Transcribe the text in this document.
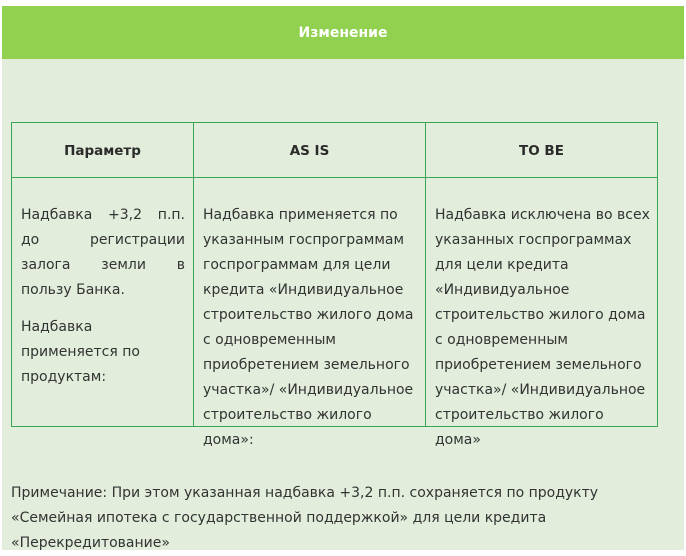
Изменение
Параметр	AS IS	TO BE

Надбавка +3,2 п.п. до регистрации залога земли в пользу Банка.

Надбавка применяется по продуктам:

Надбавка применяется по указанным госпрограммам госпрограммам для цели кредита «Индивидуальное строительство жилого дома с одновременным приобретением земельного участка»/ «Индивидуальное строительство жилого дома»:

Надбавка исключена во всех указанных госпрограммах для цели кредита «Индивидуальное строительство жилого дома с одновременным приобретением земельного участка»/ «Индивидуальное строительство жилого дома»

Примечание: При этом указанная надбавка +3,2 п.п. сохраняется по продукту «Семейная ипотека с государственной поддержкой» для цели кредита «Перекредитование»
